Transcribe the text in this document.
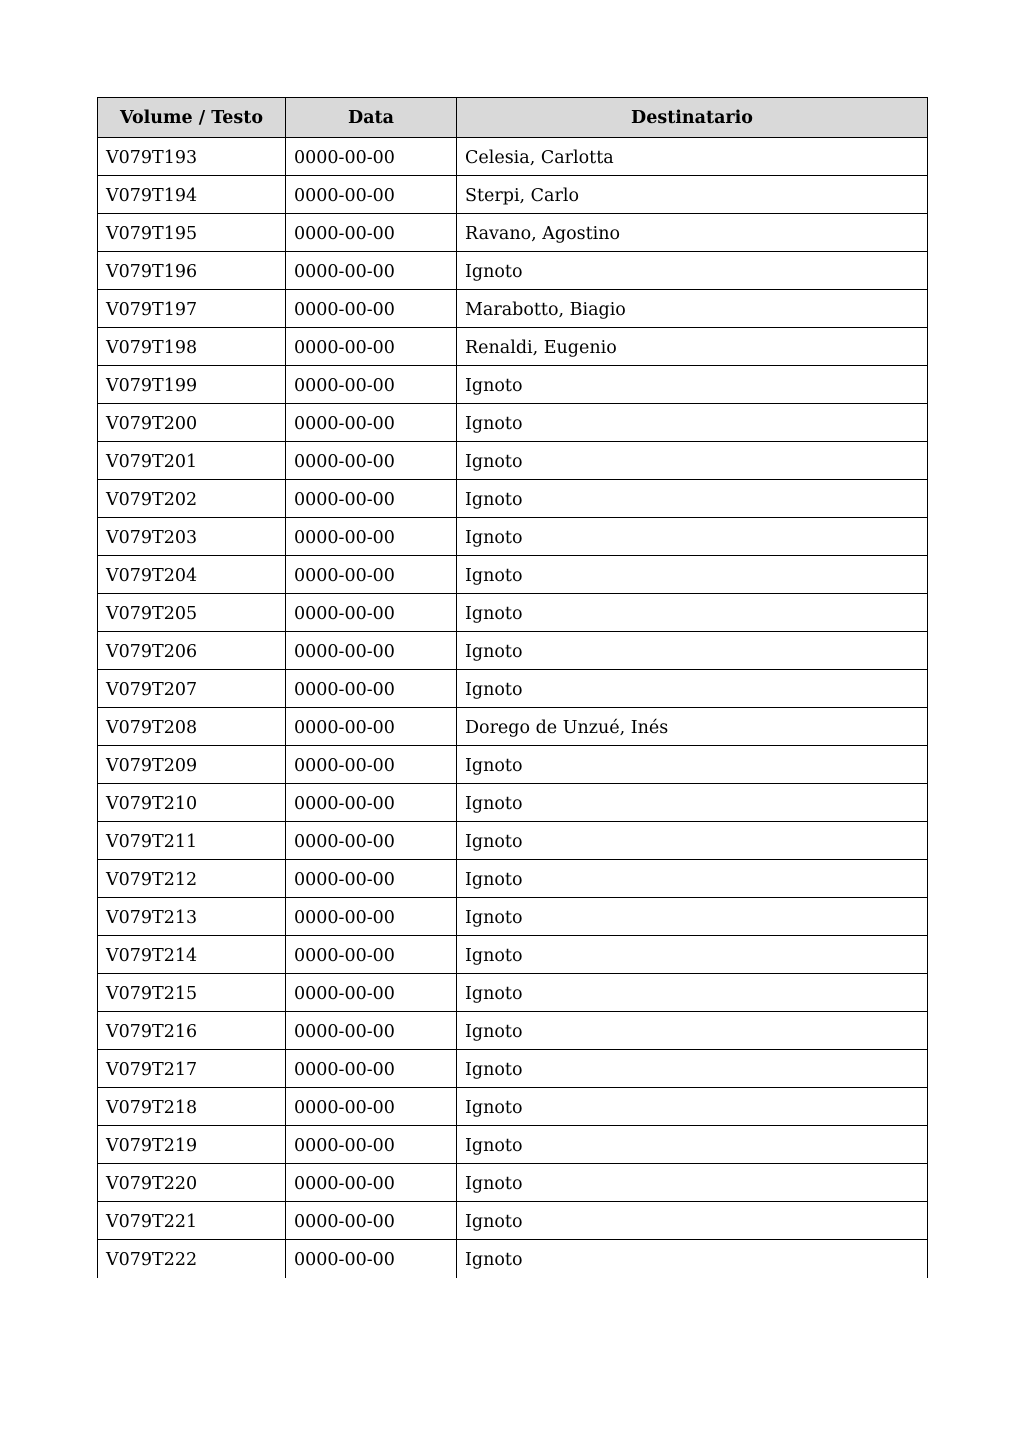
Volume / Testo	Data	Destinatario
V079T193	0000-00-00	Celesia, Carlotta
V079T194	0000-00-00	Sterpi, Carlo
V079T195	0000-00-00	Ravano, Agostino
V079T196	0000-00-00	Ignoto
V079T197	0000-00-00	Marabotto, Biagio
V079T198	0000-00-00	Renaldi, Eugenio
V079T199	0000-00-00	Ignoto
V079T200	0000-00-00	Ignoto
V079T201	0000-00-00	Ignoto
V079T202	0000-00-00	Ignoto
V079T203	0000-00-00	Ignoto
V079T204	0000-00-00	Ignoto
V079T205	0000-00-00	Ignoto
V079T206	0000-00-00	Ignoto
V079T207	0000-00-00	Ignoto
V079T208	0000-00-00	Dorego de Unzué, Inés
V079T209	0000-00-00	Ignoto
V079T210	0000-00-00	Ignoto
V079T211	0000-00-00	Ignoto
V079T212	0000-00-00	Ignoto
V079T213	0000-00-00	Ignoto
V079T214	0000-00-00	Ignoto
V079T215	0000-00-00	Ignoto
V079T216	0000-00-00	Ignoto
V079T217	0000-00-00	Ignoto
V079T218	0000-00-00	Ignoto
V079T219	0000-00-00	Ignoto
V079T220	0000-00-00	Ignoto
V079T221	0000-00-00	Ignoto
V079T222	0000-00-00	Ignoto
